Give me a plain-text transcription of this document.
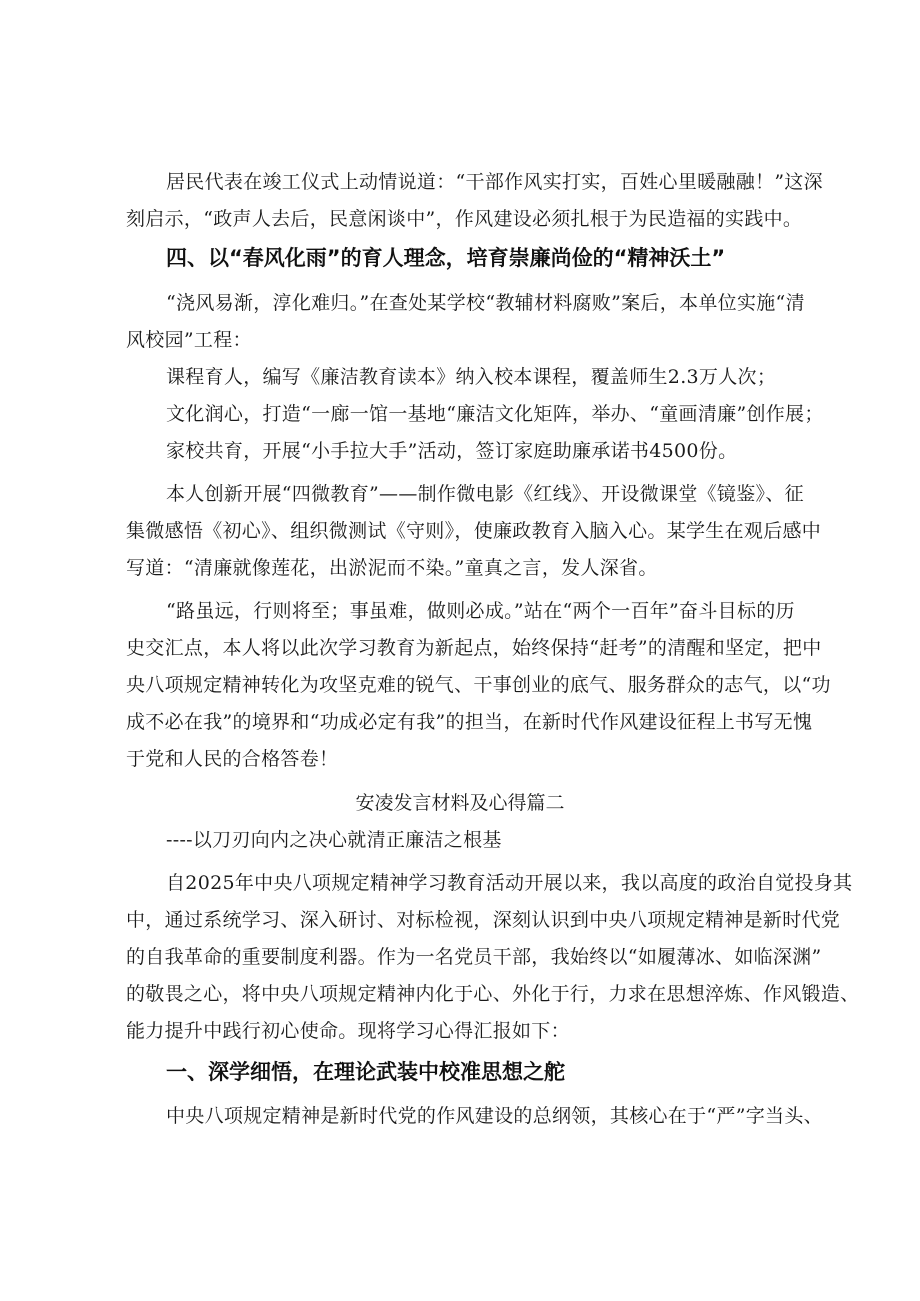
居民代表在竣工仪式上动情说道：“干部作风实打实，百姓心里暖融融！”这深
刻启示，“政声人去后，民意闲谈中”，作风建设必须扎根于为民造福的实践中。
四、以“春风化雨”的育人理念，培育崇廉尚俭的“精神沃土”
“浇风易渐，淳化难归。”在查处某学校“教辅材料腐败”案后，本单位实施“清
风校园”工程：
课程育人，编写《廉洁教育读本》纳入校本课程，覆盖师生2.3万人次；
文化润心，打造“一廊一馆一基地“廉洁文化矩阵，举办、“童画清廉”创作展；
家校共育，开展“小手拉大手”活动，签订家庭助廉承诺书4500份。
本人创新开展“四微教育”——制作微电影《红线》、开设微课堂《镜鉴》、征
集微感悟《初心》、组织微测试《守则》，使廉政教育入脑入心。某学生在观后感中
写道：“清廉就像莲花，出淤泥而不染。”童真之言，发人深省。
“路虽远，行则将至；事虽难，做则必成。”站在“两个一百年”奋斗目标的历
史交汇点，本人将以此次学习教育为新起点，始终保持“赶考”的清醒和坚定，把中
央八项规定精神转化为攻坚克难的锐气、干事创业的底气、服务群众的志气，以“功
成不必在我”的境界和“功成必定有我”的担当，在新时代作风建设征程上书写无愧
于党和人民的合格答卷！
安凌发言材料及心得篇二
----以刀刃向内之决心就清正廉洁之根基
自2025年中央八项规定精神学习教育活动开展以来，我以高度的政治自觉投身其
中，通过系统学习、深入研讨、对标检视，深刻认识到中央八项规定精神是新时代党
的自我革命的重要制度利器。作为一名党员干部，我始终以“如履薄冰、如临深渊”
的敬畏之心，将中央八项规定精神内化于心、外化于行，力求在思想淬炼、作风锻造、
能力提升中践行初心使命。现将学习心得汇报如下：
一、深学细悟，在理论武装中校准思想之舵
中央八项规定精神是新时代党的作风建设的总纲领，其核心在于“严”字当头、
